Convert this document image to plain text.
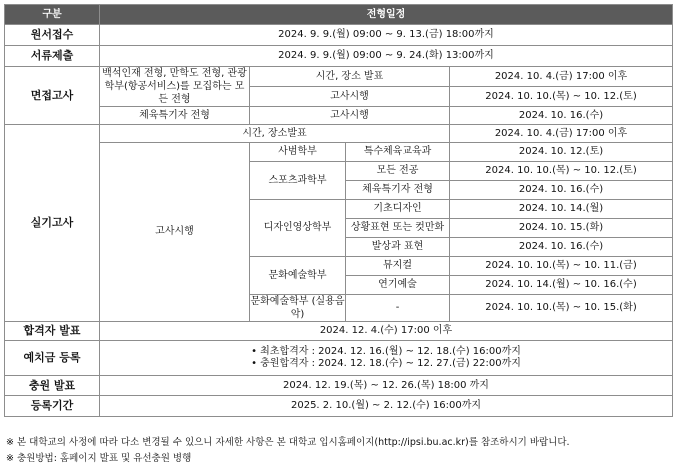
구분	전형일정			
원서접수	2024. 9. 9.(월) 09:00 ~ 9. 13.(금) 18:00까지			
서류제출	2024. 9. 9.(월) 09:00 ~ 9. 24.(화) 13:00까지			
면접고사	백석인재 전형, 만학도 전형, 관광학부(항공서비스)를 모집하는 모든 전형	시간, 장소 발표		2024. 10. 4.(금) 17:00 이후
		고사시행		2024. 10. 10.(목) ~ 10. 12.(토)
	체육특기자 전형	고사시행		2024. 10. 16.(수)
실기고사	시간, 장소발표			2024. 10. 4.(금) 17:00 이후
	고사시행	사범학부	특수체육교육과	2024. 10. 12.(토)
		스포츠과학부	모든 전공	2024. 10. 10.(목) ~ 10. 12.(토)
			체육특기자 전형	2024. 10. 16.(수)
		디자인영상학부	기초디자인	2024. 10. 14.(월)
			상황표현 또는 컷만화	2024. 10. 15.(화)
			발상과 표현	2024. 10. 16.(수)
		문화예술학부	뮤지컬	2024. 10. 10.(목) ~ 10. 11.(금)
			연기예술	2024. 10. 14.(월) ~ 10. 16.(수)
		문화예술학부 (실용음악)	-	2024. 10. 10.(목) ~ 10. 15.(화)

합격자 발표	2024. 12. 4.(수) 17:00 이후			
예치금 등록	• 최초합격자 : 2024. 12. 16.(월) ~ 12. 18.(수) 16:00까지
• 충원합격자 : 2024. 12. 18.(수) ~ 12. 27.(금) 22:00까지			

충원 발표	2024. 12. 19.(목) ~ 12. 26.(목) 18:00 까지			
등록기간	2025. 2. 10.(월) ~ 2. 12.(수) 16:00까지			
※ 본 대학교의 사정에 따라 다소 변경될 수 있으니 자세한 사항은 본 대학교 입시홈페이지(http://ipsi.bu.ac.kr)를 참조하시기 바랍니다.
※ 충원방법: 홈페이지 발표 및 유선충원 병행
